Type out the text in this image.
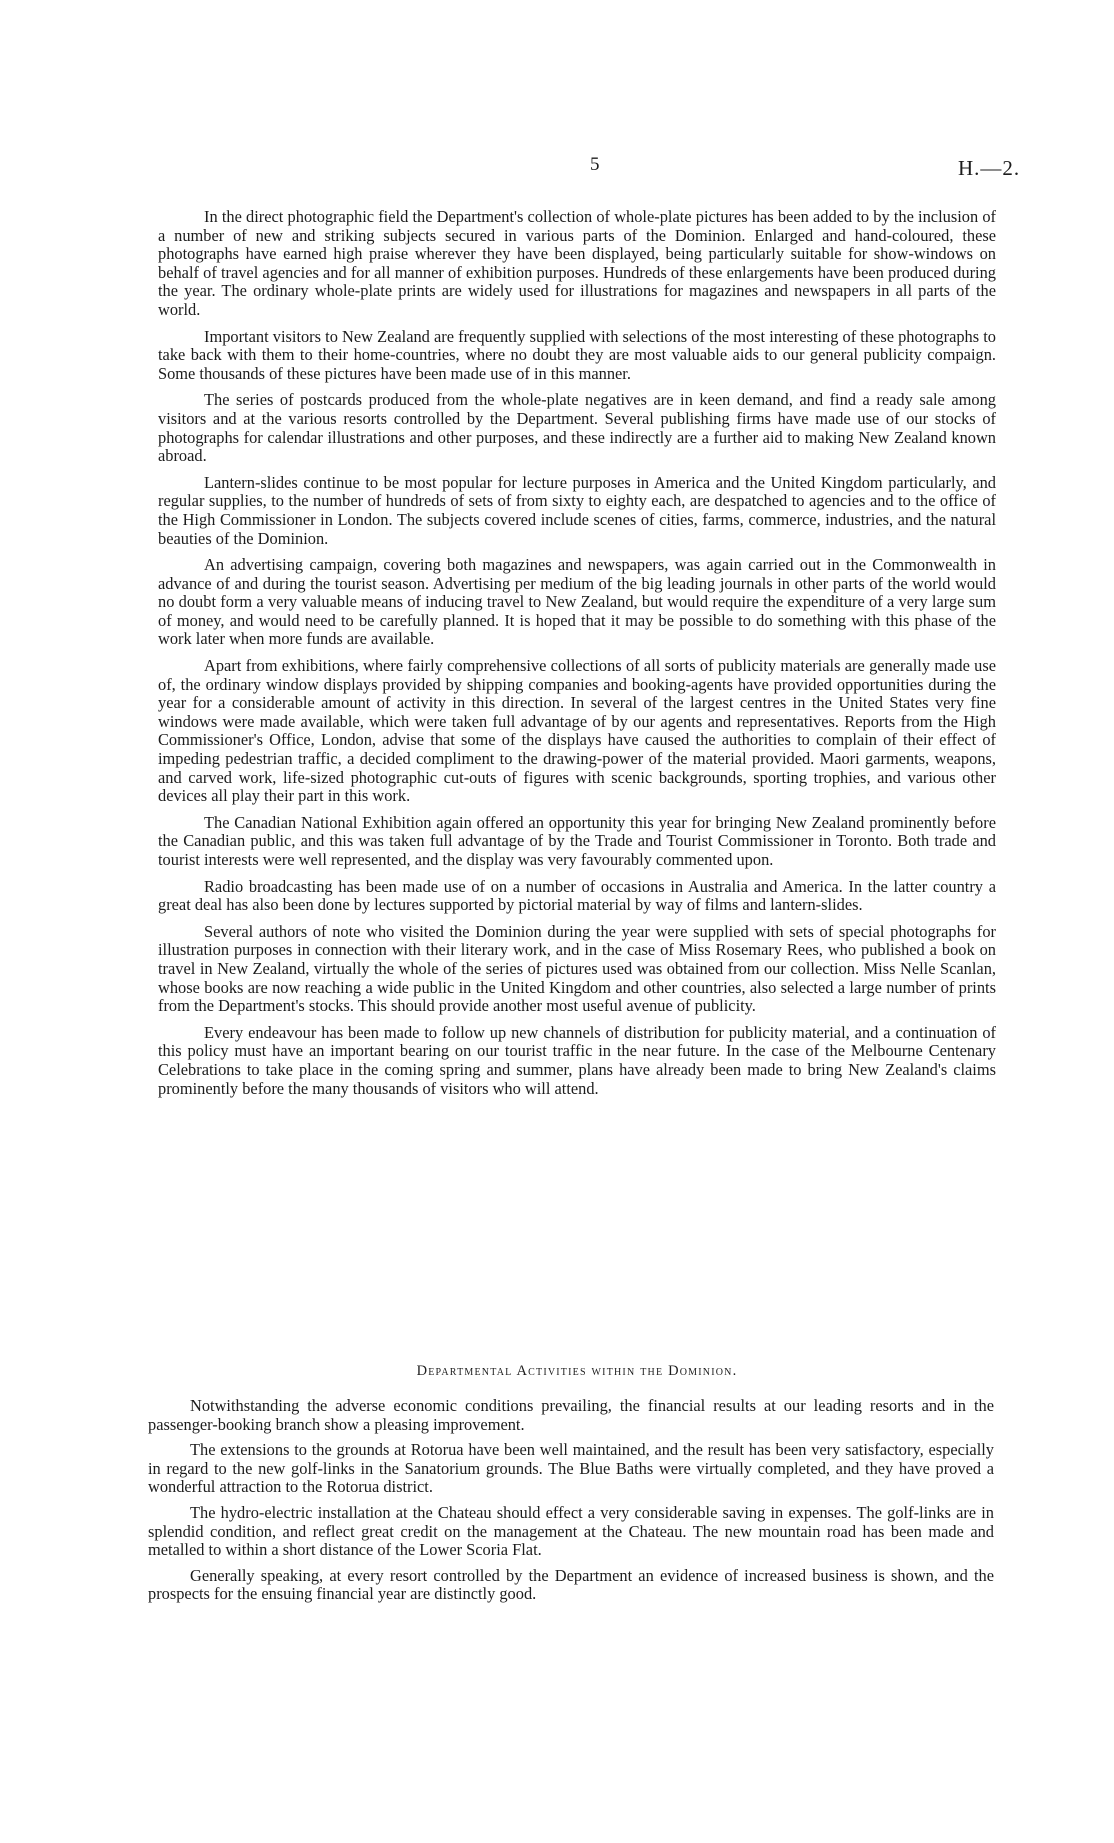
5	H.—2.

In the direct photographic field the Department's collection of whole-plate pictures has been added to by the inclusion of a number of new and striking subjects secured in various parts of the Dominion. Enlarged and hand-coloured, these photographs have earned high praise wherever they have been displayed, being particularly suitable for show-windows on behalf of travel agencies and for all manner of exhibition purposes. Hundreds of these enlargements have been produced during the year. The ordinary whole-plate prints are widely used for illustrations for magazines and newspapers in all parts of the world.

Important visitors to New Zealand are frequently supplied with selections of the most interesting of these photographs to take back with them to their home-countries, where no doubt they are most valuable aids to our general publicity compaign. Some thousands of these pictures have been made use of in this manner.

The series of postcards produced from the whole-plate negatives are in keen demand, and find a ready sale among visitors and at the various resorts controlled by the Department. Several publishing firms have made use of our stocks of photographs for calendar illustrations and other purposes, and these indirectly are a further aid to making New Zealand known abroad.

Lantern-slides continue to be most popular for lecture purposes in America and the United Kingdom particularly, and regular supplies, to the number of hundreds of sets of from sixty to eighty each, are despatched to agencies and to the office of the High Commissioner in London. The subjects covered include scenes of cities, farms, commerce, industries, and the natural beauties of the Dominion.

An advertising campaign, covering both magazines and newspapers, was again carried out in the Commonwealth in advance of and during the tourist season. Advertising per medium of the big leading journals in other parts of the world would no doubt form a very valuable means of inducing travel to New Zealand, but would require the expenditure of a very large sum of money, and would need to be carefully planned. It is hoped that it may be possible to do something with this phase of the work later when more funds are available.

Apart from exhibitions, where fairly comprehensive collections of all sorts of publicity materials are generally made use of, the ordinary window displays provided by shipping companies and booking-agents have provided opportunities during the year for a considerable amount of activity in this direction. In several of the largest centres in the United States very fine windows were made available, which were taken full advantage of by our agents and representatives. Reports from the High Commissioner's Office, London, advise that some of the displays have caused the authorities to complain of their effect of impeding pedestrian traffic, a decided compliment to the drawing-power of the material provided. Maori garments, weapons, and carved work, life-sized photographic cut-outs of figures with scenic backgrounds, sporting trophies, and various other devices all play their part in this work.

The Canadian National Exhibition again offered an opportunity this year for bringing New Zealand prominently before the Canadian public, and this was taken full advantage of by the Trade and Tourist Commissioner in Toronto. Both trade and tourist interests were well represented, and the display was very favourably commented upon.

Radio broadcasting has been made use of on a number of occasions in Australia and America. In the latter country a great deal has also been done by lectures supported by pictorial material by way of films and lantern-slides.

Several authors of note who visited the Dominion during the year were supplied with sets of special photographs for illustration purposes in connection with their literary work, and in the case of Miss Rosemary Rees, who published a book on travel in New Zealand, virtually the whole of the series of pictures used was obtained from our collection. Miss Nelle Scanlan, whose books are now reaching a wide public in the United Kingdom and other countries, also selected a large number of prints from the Department's stocks. This should provide another most useful avenue of publicity.

Every endeavour has been made to follow up new channels of distribution for publicity material, and a continuation of this policy must have an important bearing on our tourist traffic in the near future. In the case of the Melbourne Centenary Celebrations to take place in the coming spring and summer, plans have already been made to bring New Zealand's claims prominently before the many thousands of visitors who will attend.

Departmental Activities within the Dominion.

Notwithstanding the adverse economic conditions prevailing, the financial results at our leading resorts and in the passenger-booking branch show a pleasing improvement.

The extensions to the grounds at Rotorua have been well maintained, and the result has been very satisfactory, especially in regard to the new golf-links in the Sanatorium grounds. The Blue Baths were virtually completed, and they have proved a wonderful attraction to the Rotorua district.

The hydro-electric installation at the Chateau should effect a very considerable saving in expenses. The golf-links are in splendid condition, and reflect great credit on the management at the Chateau. The new mountain road has been made and metalled to within a short distance of the Lower Scoria Flat.

Generally speaking, at every resort controlled by the Department an evidence of increased business is shown, and the prospects for the ensuing financial year are distinctly good.
